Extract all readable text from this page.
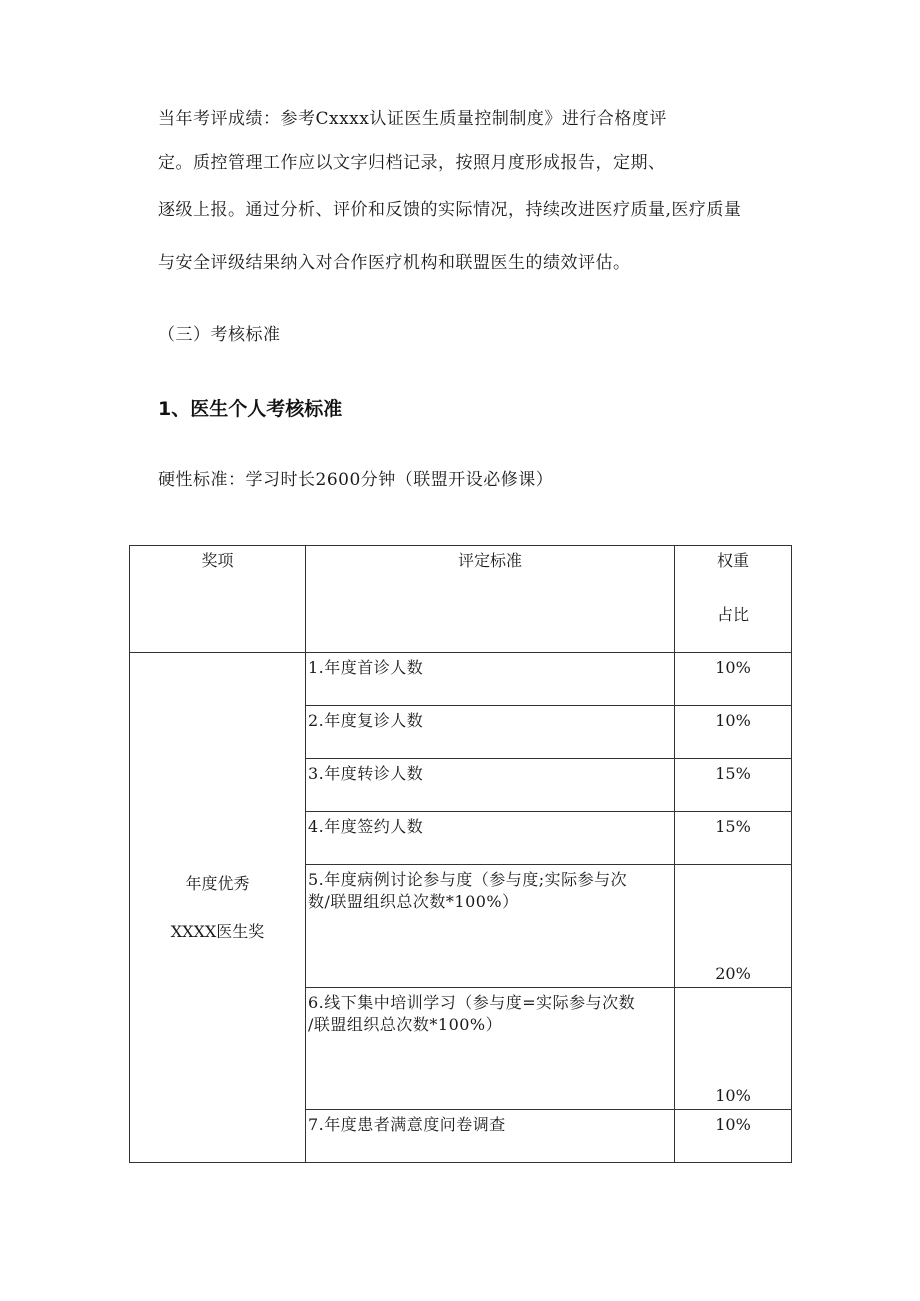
当年考评成绩：参考Cxxxx认证医生质量控制制度》进行合格度评
定。质控管理工作应以文字归档记录，按照月度形成报告，定期、
逐级上报。通过分析、评价和反馈的实际情况，持续改进医疗质量,医疗质量
与安全评级结果纳入对合作医疗机构和联盟医生的绩效评估。
（三）考核标准
1、医生个人考核标准
硬性标准：学习时长2600分钟（联盟开设必修课）
奖项	评定标准	权重
占比

年度优秀
XXXX医生奖	1.年度首诊人数	10%
	2.年度复诊人数	10%
	3.年度转诊人数	15%
	4.年度签约人数	15%

	5.年度病例讨论参与度（参与度;实际参与次
数/联盟组织总次数*100%）	20%

	6.线下集中培训学习（参与度=实际参与次数
/联盟组织总次数*100%）	10%
	7.年度患者满意度问卷调查	10%
